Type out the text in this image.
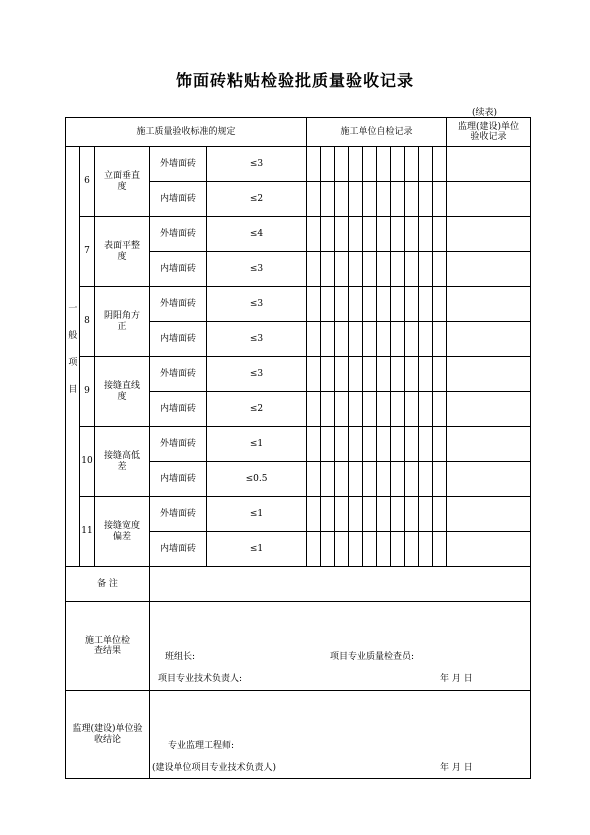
饰面砖粘贴检验批质量验收记录
(续表)
施工质量验收标准的规定					施工单位自检记录										监理(建设)单位验收记录

一般项目	6	立面垂直度	外墙面砖	≤3											
			内墙面砖	≤2											
	7	表面平整度	外墙面砖	≤4											
			内墙面砖	≤3											
	8	阴阳角方正	外墙面砖	≤3											
			内墙面砖	≤3											
	9	接缝直线度	外墙面砖	≤3											
			内墙面砖	≤2											
	10	接缝高低差	外墙面砖	≤1											
			内墙面砖	≤0.5											
	11	接缝宽度偏差	外墙面砖	≤1											
			内墙面砖	≤1											
备 注															
施工单位检查结果			班组长: 项目专业质量检查员:
项目专业技术负责人: 年 月 日												

监理(建设)单位验收结论			专业监理工程师:
(建设单位项目专业技术负责人) 年 月 日												
